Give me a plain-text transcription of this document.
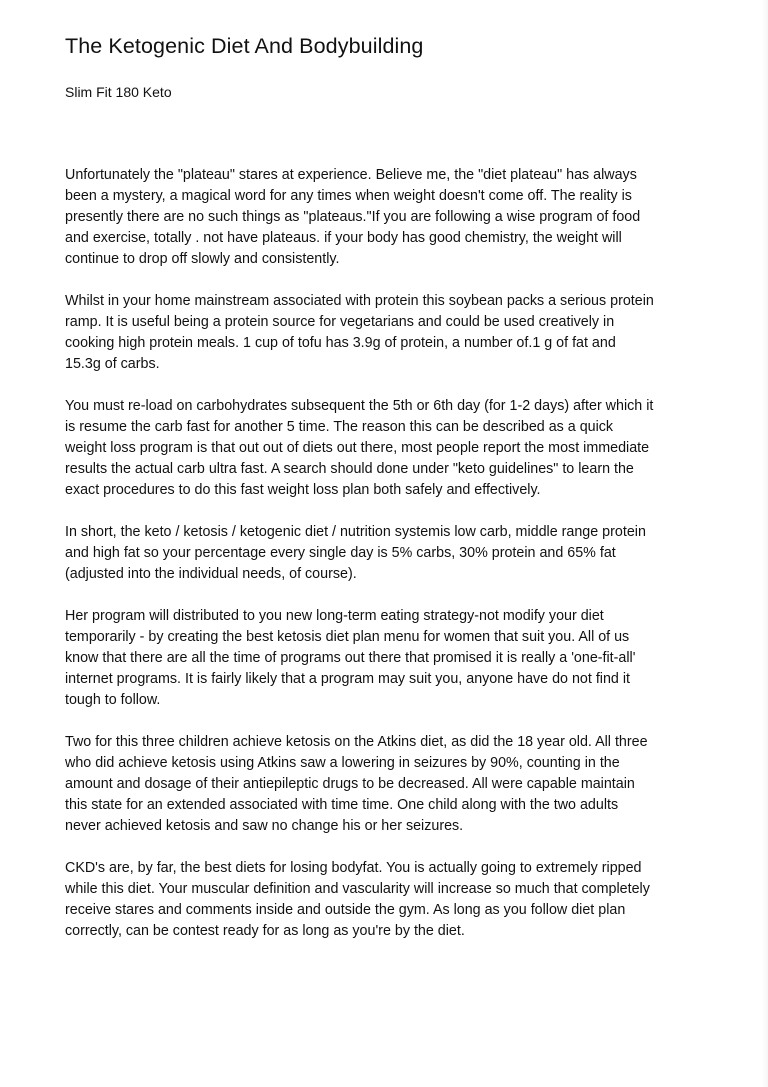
The Ketogenic Diet And Bodybuilding
Slim Fit 180 Keto

Unfortunately the "plateau" stares at experience. Believe me, the "diet plateau" has always
been a mystery, a magical word for any times when weight doesn't come off. The reality is
presently there are no such things as "plateaus."If you are following a wise program of food
and exercise, totally . not have plateaus. if your body has good chemistry, the weight will
continue to drop off slowly and consistently.

Whilst in your home mainstream associated with protein this soybean packs a serious protein
ramp. It is useful being a protein source for vegetarians and could be used creatively in
cooking high protein meals. 1 cup of tofu has 3.9g of protein, a number of.1 g of fat and
15.3g of carbs.

You must re-load on carbohydrates subsequent the 5th or 6th day (for 1-2 days) after which it
is resume the carb fast for another 5 time. The reason this can be described as a quick
weight loss program is that out out of diets out there, most people report the most immediate
results the actual carb ultra fast. A search should done under "keto guidelines" to learn the
exact procedures to do this fast weight loss plan both safely and effectively.

In short, the keto / ketosis / ketogenic diet / nutrition systemis low carb, middle range protein
and high fat so your percentage every single day is 5% carbs, 30% protein and 65% fat
(adjusted into the individual needs, of course).

Her program will distributed to you new long-term eating strategy-not modify your diet
temporarily - by creating the best ketosis diet plan menu for women that suit you. All of us
know that there are all the time of programs out there that promised it is really a 'one-fit-all'
internet programs. It is fairly likely that a program may suit you, anyone have do not find it
tough to follow.

Two for this three children achieve ketosis on the Atkins diet, as did the 18 year old. All three
who did achieve ketosis using Atkins saw a lowering in seizures by 90%, counting in the
amount and dosage of their antiepileptic drugs to be decreased. All were capable maintain
this state for an extended associated with time time. One child along with the two adults
never achieved ketosis and saw no change his or her seizures.

CKD's are, by far, the best diets for losing bodyfat. You is actually going to extremely ripped
while this diet. Your muscular definition and vascularity will increase so much that completely
receive stares and comments inside and outside the gym. As long as you follow diet plan
correctly, can be contest ready for as long as you're by the diet.
